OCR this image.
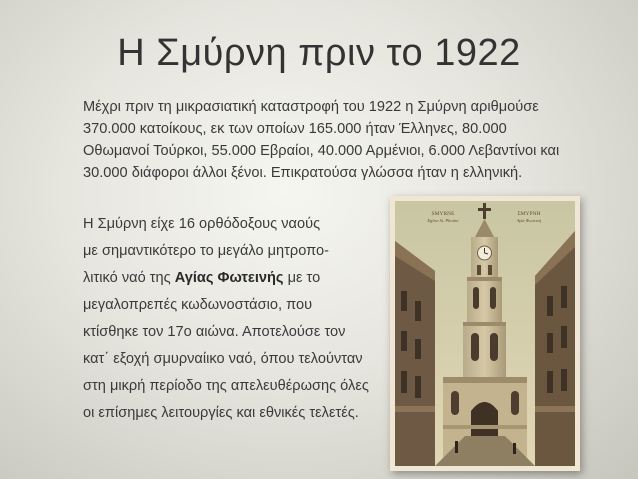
Η Σμύρνη πριν το 1922

Μέχρι πριν τη μικρασιατική καταστροφή του 1922 η Σμύρνη αριθμούσε 370.000 κατοίκους, εκ των οποίων 165.000 ήταν Έλληνες, 80.000 Οθωμανοί Τούρκοι, 55.000 Εβραίοι, 40.000 Αρμένιοι, 6.000 Λεβαντίνοι και 30.000 διάφοροι άλλοι ξένοι. Επικρατούσα γλώσσα ήταν η ελληνική.

Η Σμύρνη είχε 16 ορθόδοξους ναούς
με σημαντικότερο το μεγάλο μητροπο-
λιτικό ναό της Αγίας Φωτεινής με το
μεγαλοπρεπές κωδωνοστάσιο, που
κτίσθηκε τον 17ο αιώνα. Αποτελούσε τον
κατ΄ εξοχή σμυρναίικο ναό, όπου τελούνταν
στη μικρή περίοδο της απελευθέρωσης όλες
οι επίσημες λειτουργίες και εθνικές τελετές.
SMYRNE
Eglise St. Photini
ΣΜΥΡΝΗ
Αγία Φωτεινή
